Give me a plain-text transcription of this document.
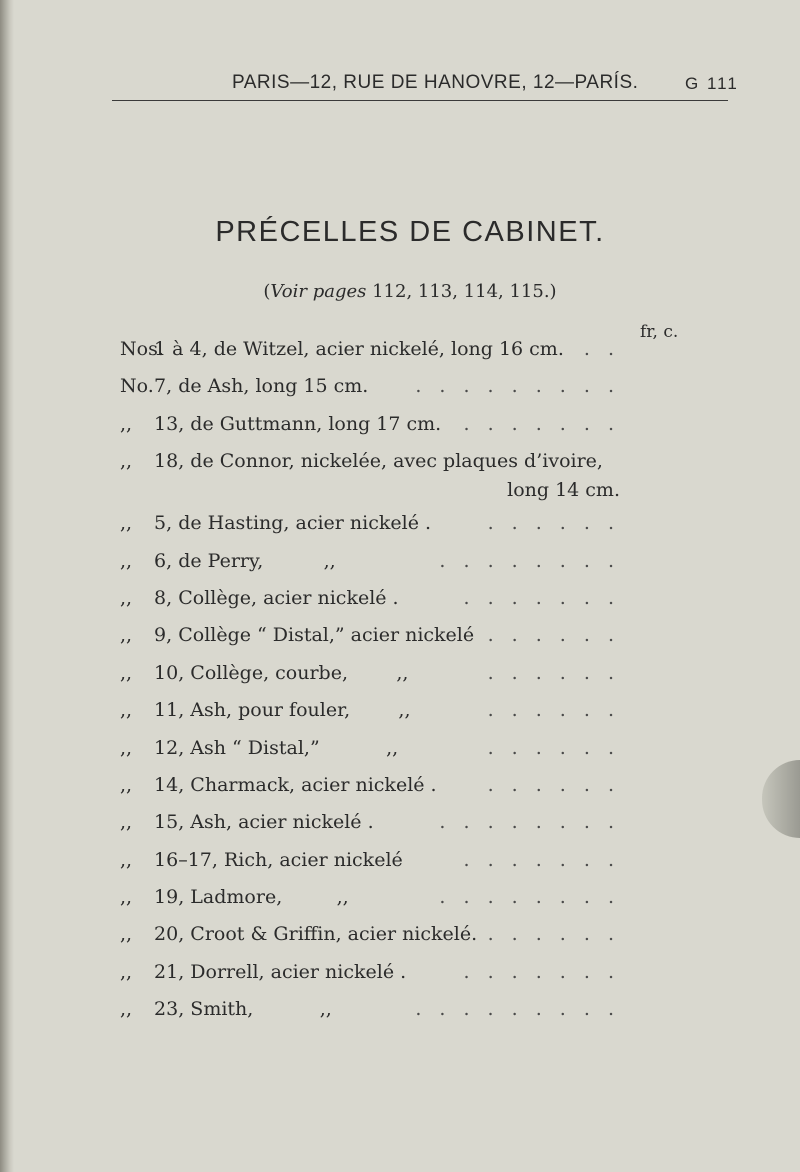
PARIS—12, RUE DE HANOVRE, 12—PARÍS.	G 111
PRÉCELLES DE CABINET.
(Voir pages 112, 113, 114, 115.)
fr, c.
Nos. 1 à 4, de Witzel, acier nickelé, long 16 cm. . .
No. 7, de Ash, long 15 cm. . . . . . . . . .
,, 13, de Guttmann, long 17 cm. . . . . . . .
,, 18, de Connor, nickelée, avec plaques d’ivoire,
long 14 cm.
,, 5, de Hasting, acier nickelé .	. . . . . .
,, 6, de Perry,          ,,	. . . . . . . .
,, 8, Collège, acier nickelé .	. . . . . . .
,, 9, Collège “ Distal,” acier nickelé . . . . . .
,, 10, Collège, courbe,        ,,	. . . . . .
,, 11, Ash, pour fouler,        ,,	. . . . . .
,, 12, Ash “ Distal,”           ,,	. . . . . .
,, 14, Charmack, acier nickelé .	. . . . . .
,, 15, Ash, acier nickelé .	. . . . . . . .
,, 16–17, Rich, acier nickelé	. . . . . . .
,, 19, Ladmore,         ,,	. . . . . . . .
,, 20, Croot & Griffin, acier nickelé. . . . . . .
,, 21, Dorrell, acier nickelé .	. . . . . . .
,, 23, Smith,           ,,	. . . . . . . . .
